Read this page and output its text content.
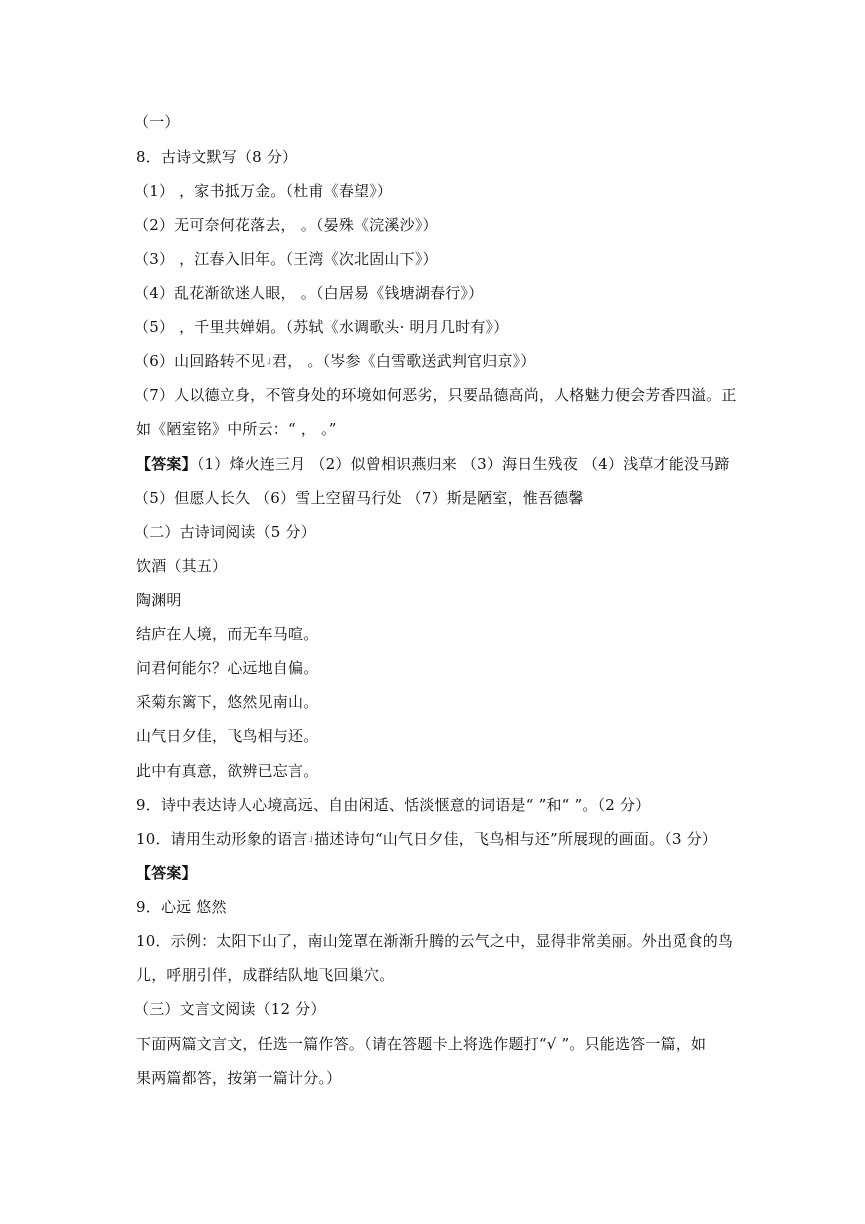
（一）
8．古诗文默写（8 分）
（1） ，家书抵万金。（杜甫《春望》）
（2）无可奈何花落去， 。（晏殊《浣溪沙》）
（3） ，江春入旧年。（王湾《次北固山下》）
（4）乱花渐欲迷人眼， 。（白居易《钱塘湖春行》）
（5） ，千里共婵娟。（苏轼《水调歌头· 明月几时有》）
（6）山回路转不见˩君， 。（岑参《白雪歌送武判官归京》）
（7）人以德立身，不管身处的环境如何恶劣，只要品德高尚，人格魅力便会芳香四溢。正
如《陋室铭》中所云：“ ， 。”
【答案】（1）烽火连三月 （2）似曾相识燕归来 （3）海日生残夜 （4）浅草才能没马蹄
（5）但愿人长久 （6）雪上空留马行处 （7）斯是陋室，惟吾德馨
（二）古诗词阅读（5 分）
饮酒（其五）
陶渊明
结庐在人境，而无车马喧。
问君何能尔？心远地自偏。
采菊东篱下，悠然见南山。
山气日夕佳，飞鸟相与还。
此中有真意，欲辨已忘言。
9．诗中表达诗人心境高远、自由闲适、恬淡惬意的词语是“ ”和“ ”。（2 分）
10．请用生动形象的语言˩描述诗句“山气日夕佳，飞鸟相与还”所展现的画面。（3 分）
【答案】
9．心远 悠然
10．示例：太阳下山了，南山笼罩在渐渐升腾的云气之中，显得非常美丽。外出觅食的鸟
儿，呼朋引伴，成群结队地飞回巢穴。
（三）文言文阅读（12 分）
下面两篇文言文，任选一篇作答。（请在答题卡上将选作题打“√ ”。只能选答一篇，如
果两篇都答，按第一篇计分。）
